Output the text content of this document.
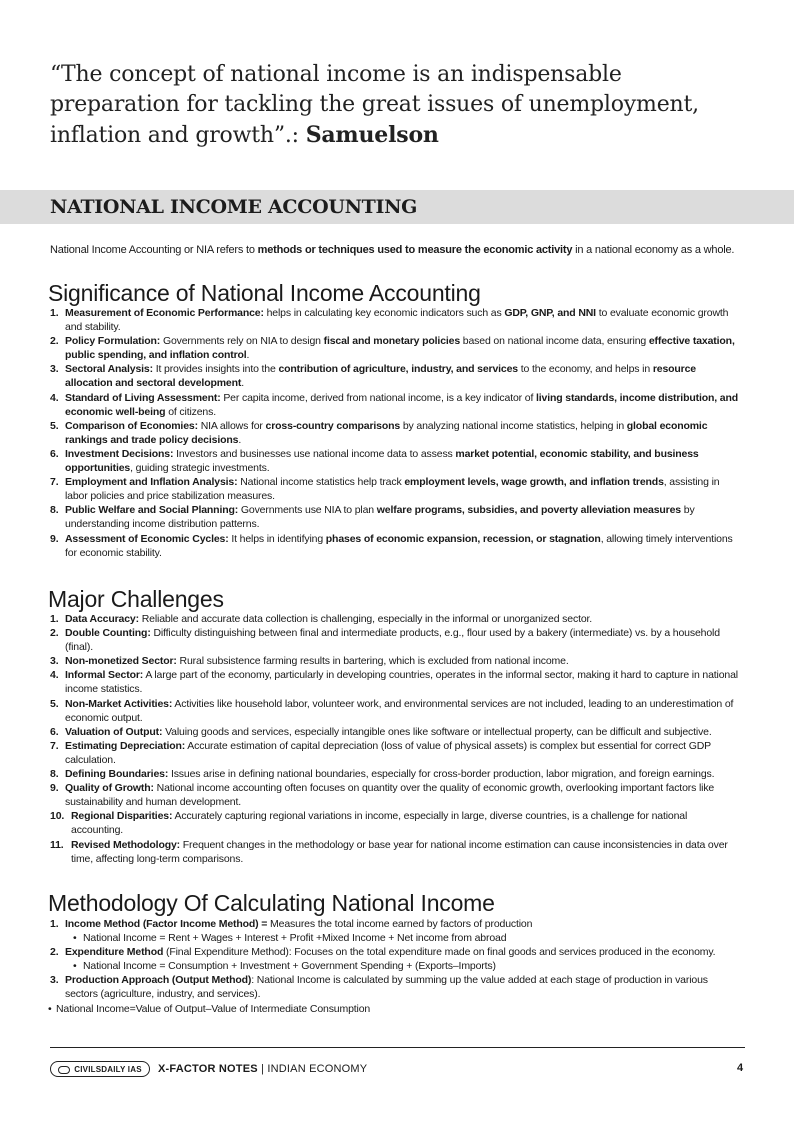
“The concept of national income is an indispensable preparation for tackling the great issues of unemployment, inflation and growth”.: Samuelson
NATIONAL INCOME ACCOUNTING
National Income Accounting or NIA refers to methods or techniques used to measure the economic activity in a national economy as a whole.
Significance of National Income Accounting
1. Measurement of Economic Performance: helps in calculating key economic indicators such as GDP, GNP, and NNI to evaluate economic growth and stability.
2. Policy Formulation: Governments rely on NIA to design fiscal and monetary policies based on national income data, ensuring effective taxation, public spending, and inflation control.
3. Sectoral Analysis: It provides insights into the contribution of agriculture, industry, and services to the economy, and helps in resource allocation and sectoral development.
4. Standard of Living Assessment: Per capita income, derived from national income, is a key indicator of living standards, income distribution, and economic well-being of citizens.
5. Comparison of Economies: NIA allows for cross-country comparisons by analyzing national income statistics, helping in global economic rankings and trade policy decisions.
6. Investment Decisions: Investors and businesses use national income data to assess market potential, economic stability, and business opportunities, guiding strategic investments.
7. Employment and Inflation Analysis: National income statistics help track employment levels, wage growth, and inflation trends, assisting in labor policies and price stabilization measures.
8. Public Welfare and Social Planning: Governments use NIA to plan welfare programs, subsidies, and poverty alleviation measures by understanding income distribution patterns.
9. Assessment of Economic Cycles: It helps in identifying phases of economic expansion, recession, or stagnation, allowing timely interventions for economic stability.
Major Challenges
1. Data Accuracy: Reliable and accurate data collection is challenging, especially in the informal or unorganized sector.
2. Double Counting: Difficulty distinguishing between final and intermediate products, e.g., flour used by a bakery (intermediate) vs. by a household (final).
3. Non-monetized Sector: Rural subsistence farming results in bartering, which is excluded from national income.
4. Informal Sector: A large part of the economy, particularly in developing countries, operates in the informal sector, making it hard to capture in national income statistics.
5. Non-Market Activities: Activities like household labor, volunteer work, and environmental services are not included, leading to an underestimation of economic output.
6. Valuation of Output: Valuing goods and services, especially intangible ones like software or intellectual property, can be difficult and subjective.
7. Estimating Depreciation: Accurate estimation of capital depreciation (loss of value of physical assets) is complex but essential for correct GDP calculation.
8. Defining Boundaries: Issues arise in defining national boundaries, especially for cross-border production, labor migration, and foreign earnings.
9. Quality of Growth: National income accounting often focuses on quantity over the quality of economic growth, overlooking important factors like sustainability and human development.
10. Regional Disparities: Accurately capturing regional variations in income, especially in large, diverse countries, is a challenge for national accounting.
11. Revised Methodology: Frequent changes in the methodology or base year for national income estimation can cause inconsistencies in data over time, affecting long-term comparisons.
Methodology Of Calculating National Income
1. Income Method (Factor Income Method) = Measures the total income earned by factors of production
• National Income = Rent + Wages + Interest + Profit +Mixed Income + Net income from abroad
2. Expenditure Method (Final Expenditure Method): Focuses on the total expenditure made on final goods and services produced in the economy.
• National Income = Consumption + Investment + Government Spending + (Exports–Imports)
3. Production Approach (Output Method): National Income is calculated by summing up the value added at each stage of production in various sectors (agriculture, industry, and services).
• National Income=Value of Output–Value of Intermediate Consumption
CIVILSDAILY IAS	X-FACTOR NOTES | INDIAN ECONOMY	4
